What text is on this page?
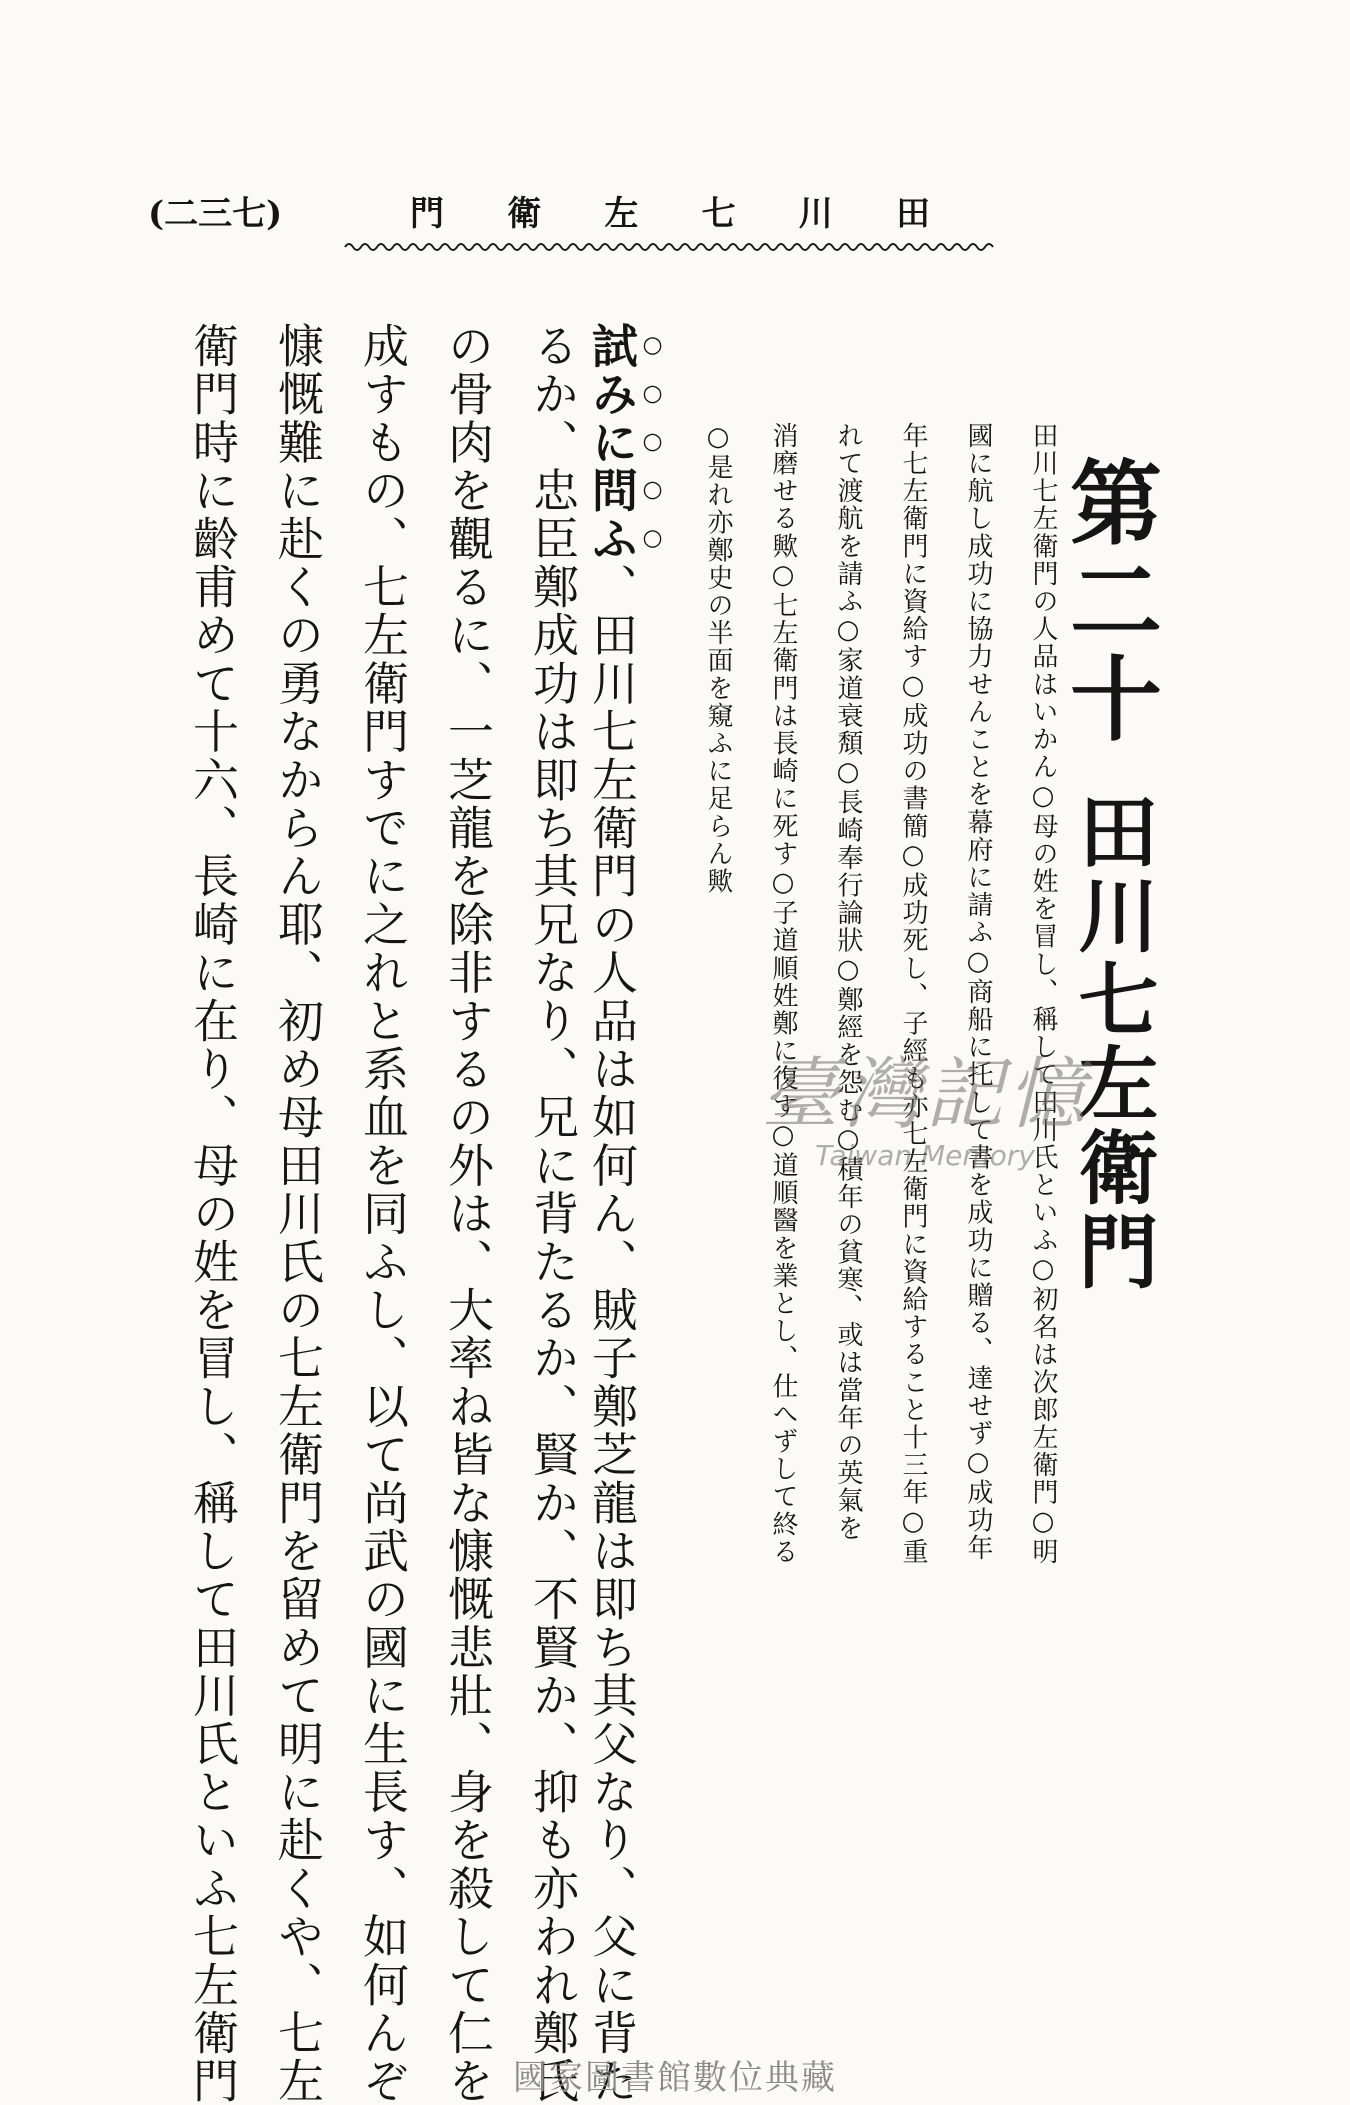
(二三七)	田
川
七
左
衛
門
第二十
田川七左衛門
田川七左衛門の人品はいかん○母の姓を冒し、稱して田川氏といふ○初名は次郎左衛門○明
國に航し成功に協力せんことを幕府に請ふ○商船に托して書を成功に贈る、達せず○成功年
年七左衛門に資給す○成功の書簡○成功死し、子經も亦七左衛門に資給すること十三年○重
れて渡航を請ふ○家道衰頽○長崎奉行論狀○鄭經を怨む○積年の貧寒、或は當年の英氣を
消磨せる歟○七左衛門は長崎に死す○子道順姓鄭に復す○道順醫を業とし、仕へずして終る
○是れ亦鄭史の半面を窺ふに足らん歟
試みに問ふ、田川七左衛門の人品は如何ん、賊子鄭芝龍は即ち其父なり、父に背た
るか、忠臣鄭成功は即ち其兄なり、兄に背たるか、賢か、不賢か、抑も亦われ鄭氏
の骨肉を觀るに、一芝龍を除非するの外は、大率ね皆な慷慨悲壯、身を殺して仁を
成すもの、七左衛門すでに之れと系血を同ふし、以て尚武の國に生長す、如何んぞ
慷慨難に赴くの勇なからん耶、初め母田川氏の七左衛門を留めて明に赴くや、七左
衛門時に齡甫めて十六、長崎に在り、母の姓を冒し、稱して田川氏といふ七左衛門	臺灣記憶
Taiwan Memory
國家圖書館數位典藏
